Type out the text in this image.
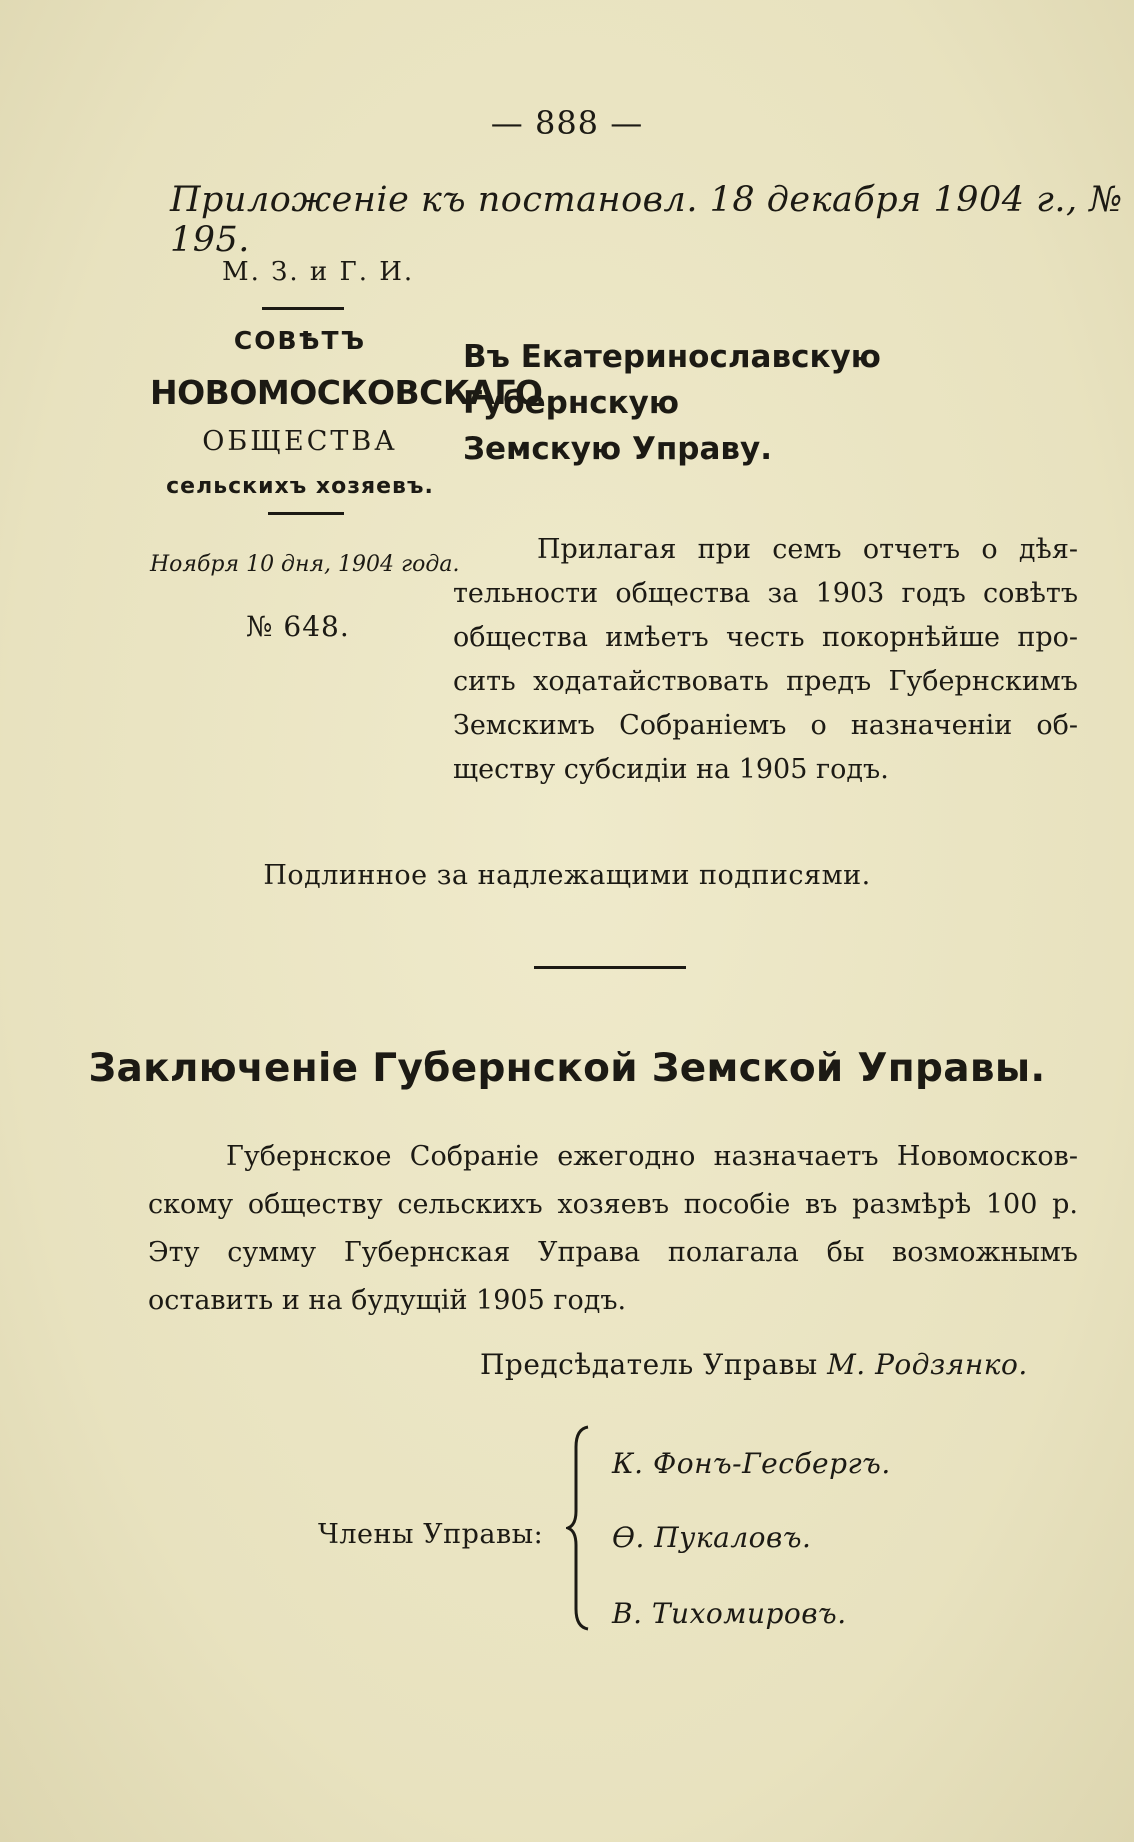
— 888 —
Приложенiе къ постановл. 18 декабря 1904 г., № 195.
М. З. и Г. И.
СОВѢТЪ
НОВОМОСКОВСКАГО
ОБЩЕСТВА
сельскихъ хозяевъ.
Ноября 10 дня, 1904 года.
№ 648.
Въ Екатеринославскую Губернскую
Земскую Управу.
Прилагая при семъ отчетъ о дѣя-
тельности общества за 1903 годъ совѣтъ
общества имѣетъ честь покорнѣйше про-
сить ходатайствовать предъ Губернскимъ
Земскимъ Собранiемъ о назначенiи об-
ществу субсидiи на 1905 годъ.
Подлинное за надлежащими подписями.
Заключенiе Губернской Земской Управы.
Губернское Собранiе ежегодно назначаетъ Новомосков-
скому обществу сельскихъ хозяевъ пособiе въ размѣрѣ 100 р.
Эту сумму Губернская Управа полагала бы возможнымъ
оставить и на будущiй 1905 годъ.
Предсѣдатель Управы М. Родзянко.
Члены Управы:
К. Фонъ-Гесбергъ.
Ѳ. Пукаловъ.
В. Тихомировъ.
